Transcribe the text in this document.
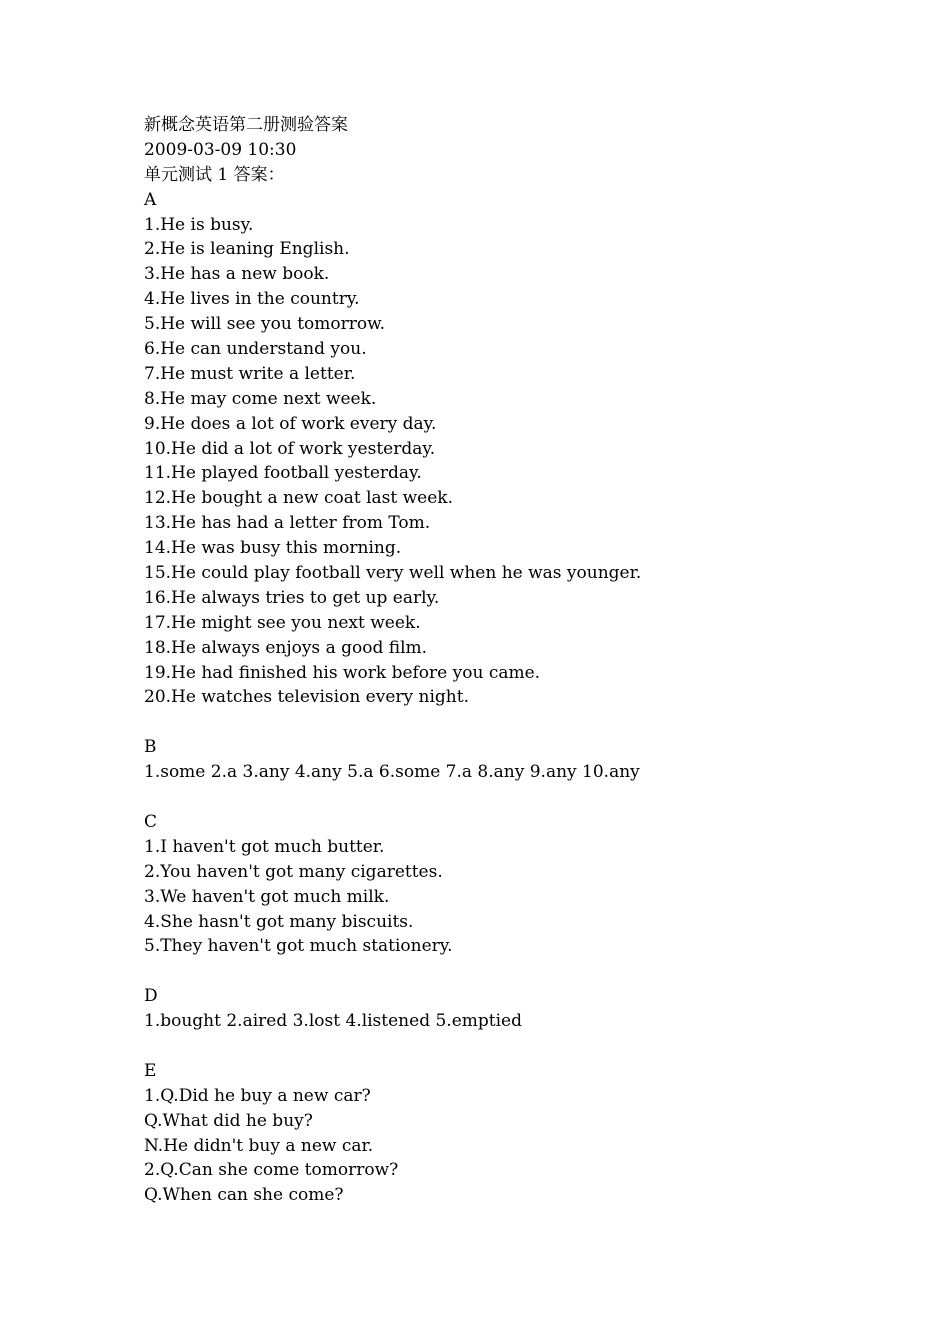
新概念英语第二册测验答案
2009-03-09 10:30
单元测试 1 答案：
A
1.He is busy.
2.He is leaning English.
3.He has a new book.
4.He lives in the country.
5.He will see you tomorrow.
6.He can understand you.
7.He must write a letter.
8.He may come next week.
9.He does a lot of work every day.
10.He did a lot of work yesterday.
11.He played football yesterday.
12.He bought a new coat last week.
13.He has had a letter from Tom.
14.He was busy this morning.
15.He could play football very well when he was younger.
16.He always tries to get up early.
17.He might see you next week.
18.He always enjoys a good film.
19.He had finished his work before you came.
20.He watches television every night.
B
1.some 2.a 3.any 4.any 5.a 6.some 7.a 8.any 9.any 10.any
C
1.I haven't got much butter.
2.You haven't got many cigarettes.
3.We haven't got much milk.
4.She hasn't got many biscuits.
5.They haven't got much stationery.
D
1.bought 2.aired 3.lost 4.listened 5.emptied
E
1.Q.Did he buy a new car?
Q.What did he buy?
N.He didn't buy a new car.
2.Q.Can she come tomorrow?
Q.When can she come?
